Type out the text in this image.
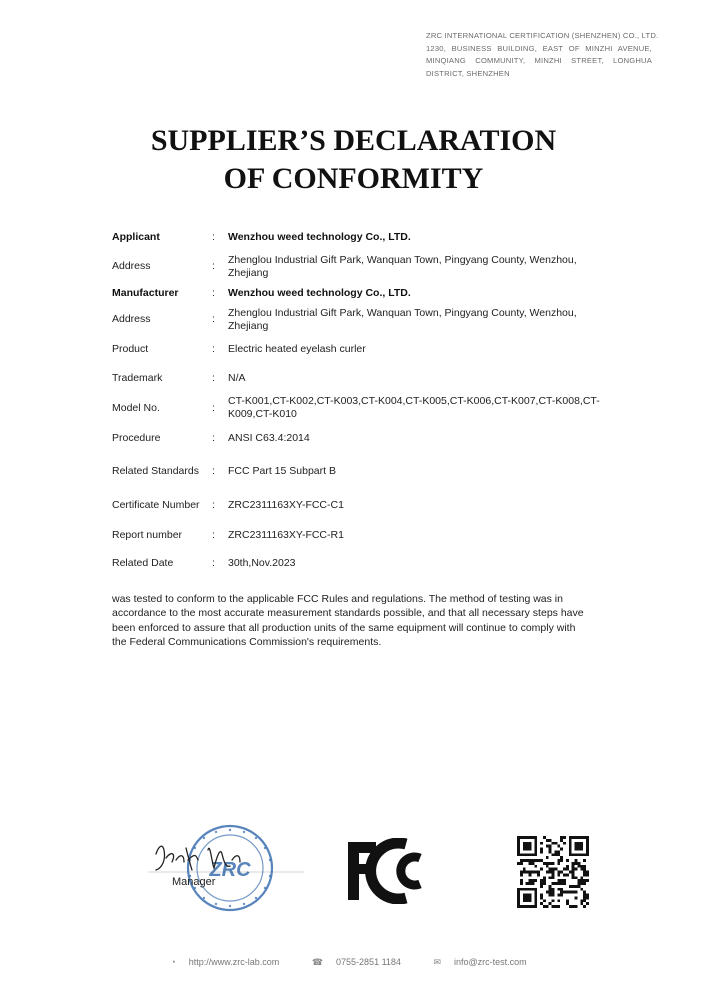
ZRC INTERNATIONAL CERTIFICATION (SHENZHEN) CO., LTD.
1230, BUSINESS BUILDING, EAST OF MINZHI AVENUE,
MINQIANG COMMUNITY, MINZHI STREET, LONGHUA
DISTRICT, SHENZHEN
SUPPLIER’S DECLARATION
OF CONFORMITY
Applicant	: Wenzhou weed technology Co., LTD.
Address	: Zhenglou Industrial Gift Park, Wanquan Town, Pingyang County, Wenzhou, Zhejiang
Manufacturer	: Wenzhou weed technology Co., LTD.
Address	: Zhenglou Industrial Gift Park, Wanquan Town, Pingyang County, Wenzhou, Zhejiang
Product	: Electric heated eyelash curler
Trademark	: N/A
Model No.	:
CT-K001,CT-K002,CT-K003,CT-K004,CT-K005,CT-K006,CT-K007,CT-K008,CT-K009,CT-K010
Procedure	: ANSI C63.4:2014
Related Standards : FCC Part 15 Subpart B
Certificate Number : ZRC2311163XY-FCC-C1
Report number	: ZRC2311163XY-FCC-R1
Related Date	: 30th,Nov.2023
was tested to conform to the applicable FCC Rules and regulations. The method of testing was in accordance to the most accurate measurement standards possible, and that all necessary steps have been enforced to assure that all production units of the same equipment will continue to comply with the Federal Communications Commission's requirements.
ZRC
Manager
◔ http://www.zrc-lab.com	☎ 0755-2851 1184	✉ info@zrc-test.com
